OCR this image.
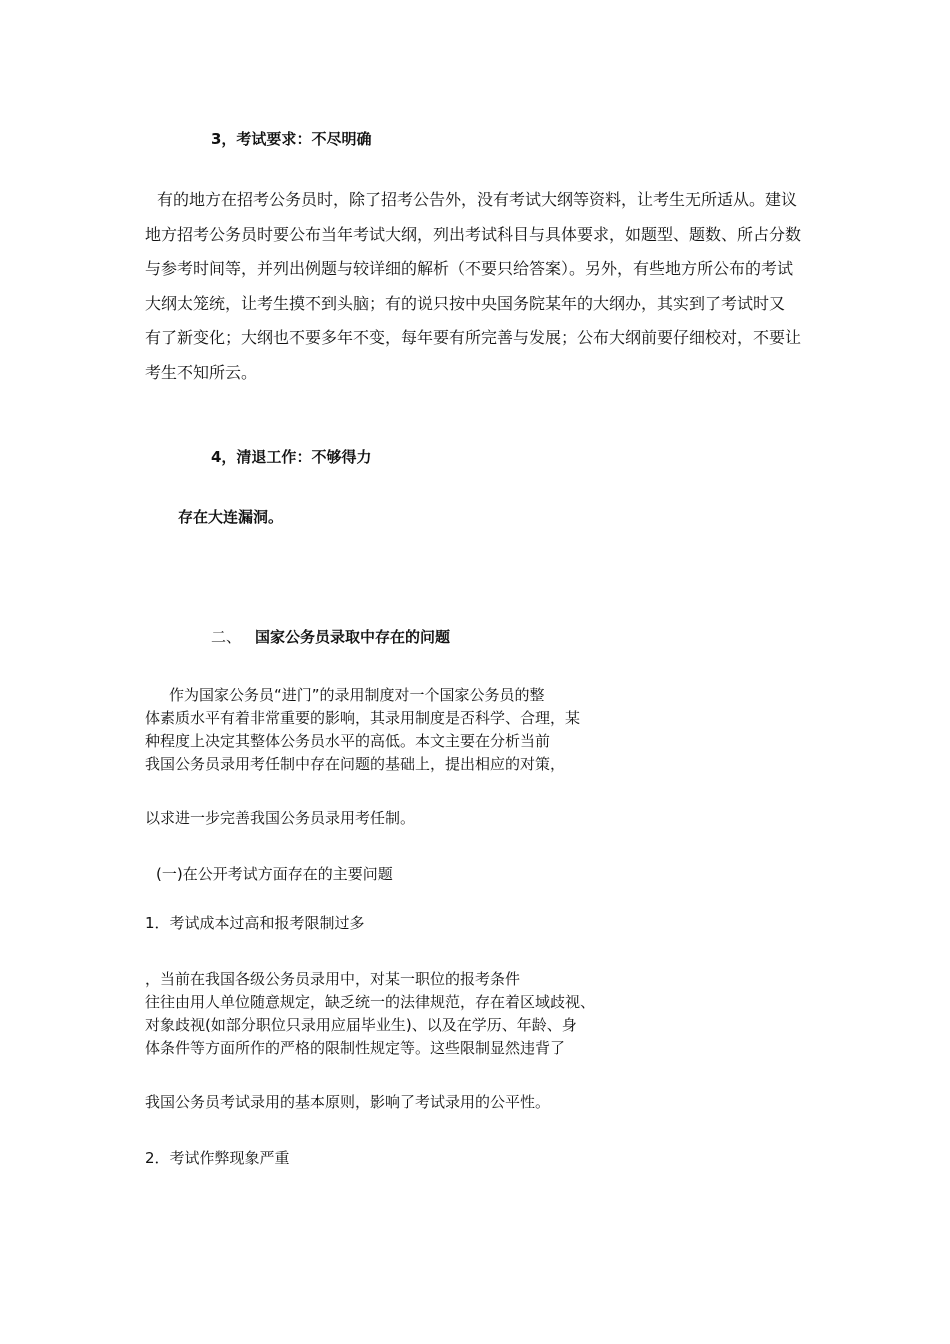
3，考试要求：不尽明确
有的地方在招考公务员时，除了招考公告外，没有考试大纲等资料，让考生无所适从。建议
地方招考公务员时要公布当年考试大纲，列出考试科目与具体要求，如题型、题数、所占分数
与参考时间等，并列出例题与较详细的解析（不要只给答案）。另外，有些地方所公布的考试
大纲太笼统，让考生摸不到头脑；有的说只按中央国务院某年的大纲办，其实到了考试时又
有了新变化；大纲也不要多年不变，每年要有所完善与发展；公布大纲前要仔细校对，不要让
考生不知所云。
4，清退工作：不够得力

存在大连漏洞。

二、 国家公务员录取中存在的问题
作为国家公务员“进门”的录用制度对一个国家公务员的整
体素质水平有着非常重要的影响，其录用制度是否科学、合理，某
种程度上决定其整体公务员水平的高低。本文主要在分析当前
我国公务员录用考任制中存在问题的基础上，提出相应的对策，

以求进一步完善我国公务员录用考任制。

(一)在公开考试方面存在的主要问题
1．考试成本过高和报考限制过多
，当前在我国各级公务员录用中，对某一职位的报考条件
往往由用人单位随意规定，缺乏统一的法律规范，存在着区域歧视、
对象歧视(如部分职位只录用应届毕业生)、以及在学历、年龄、身
体条件等方面所作的严格的限制性规定等。这些限制显然违背了

我国公务员考试录用的基本原则，影响了考试录用的公平性。

2．考试作弊现象严重
